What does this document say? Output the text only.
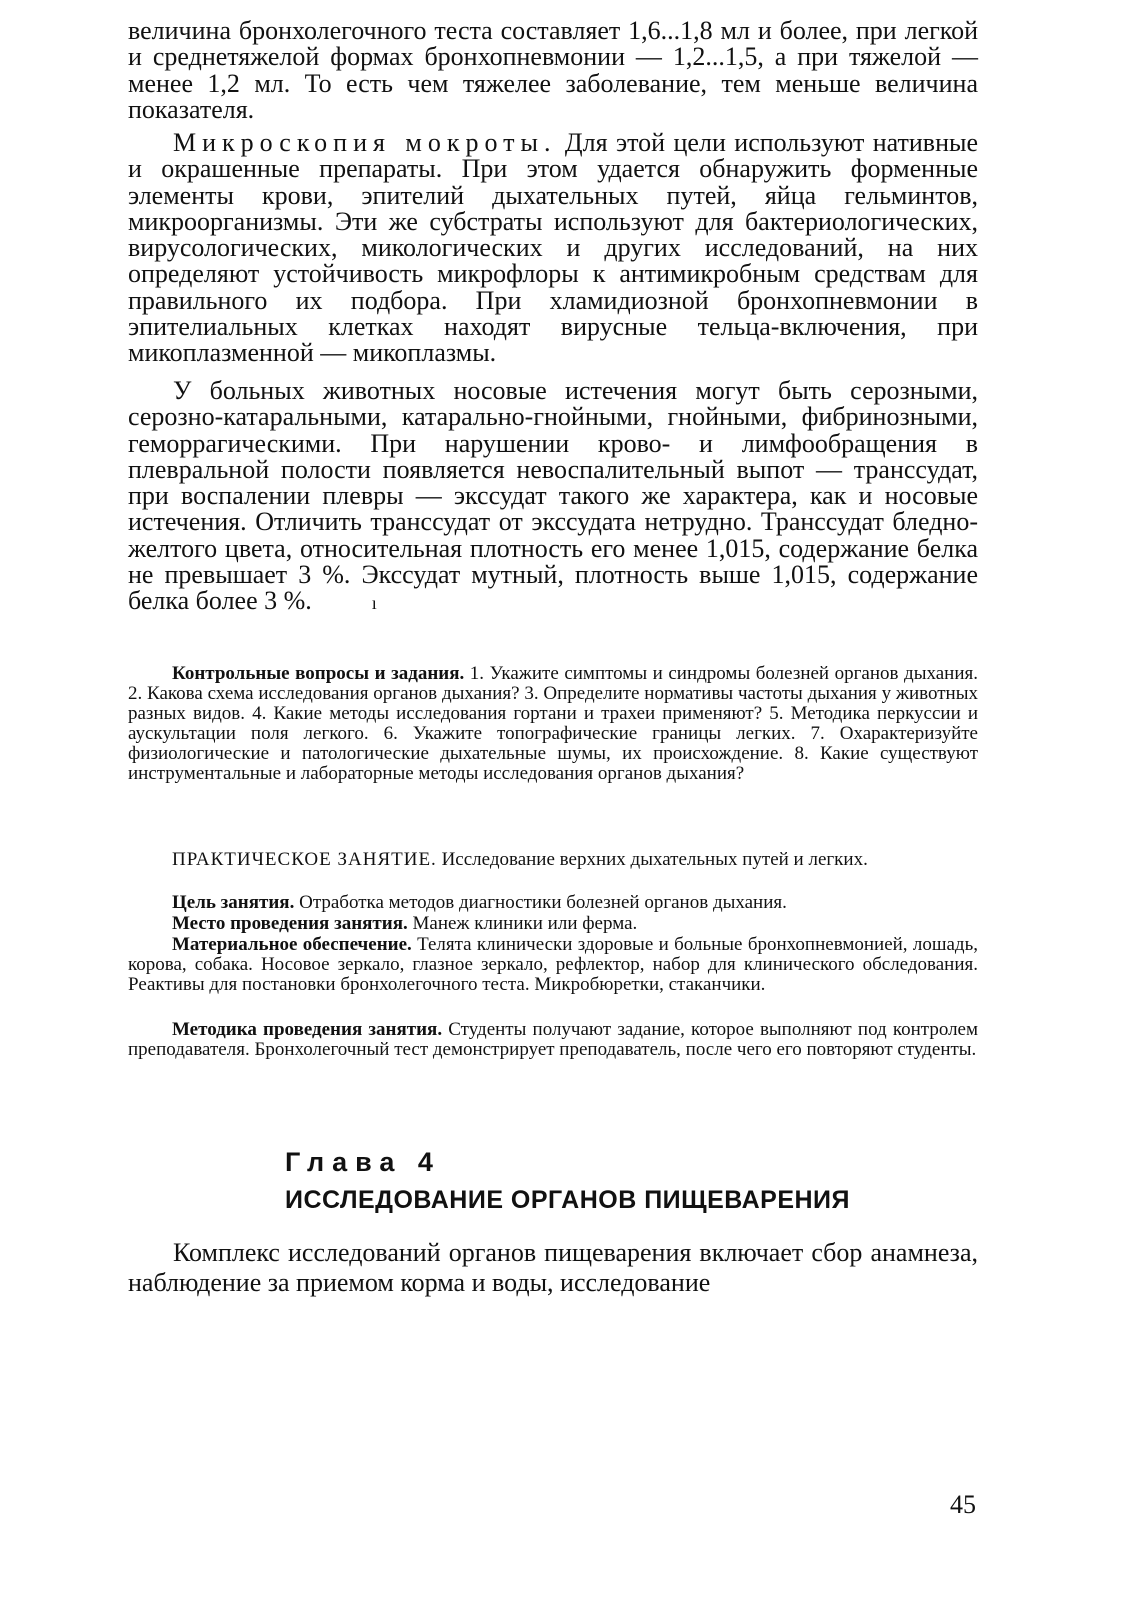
величина бронхолегочного теста составляет 1,6...1,8 мл и более, при легкой и среднетяжелой формах бронхопневмонии — 1,2...1,5, а при тяжелой — менее 1,2 мл. То есть чем тяжелее заболевание, тем меньше величина показателя.

Микроскопия мокроты. Для этой цели используют нативные и окрашенные препараты. При этом удается обнаружить форменные элементы крови, эпителий дыхательных путей, яйца гельминтов, микроорганизмы. Эти же субстраты используют для бактериологических, вирусологических, микологических и других исследований, на них определяют устойчивость микрофлоры к антимикробным средствам для правильного их подбора. При хламидиозной бронхопневмонии в эпителиальных клетках находят вирусные тельца-включения, при микоплазменной — микоплазмы.

У больных животных носовые истечения могут быть серозными, серозно-катаральными, катарально-гнойными, гнойными, фибринозными, геморрагическими. При нарушении крово- и лимфообращения в плевральной полости появляется невоспалительный выпот — транссудат, при воспалении плевры — экссудат такого же характера, как и носовые истечения. Отличить транссудат от экссудата нетрудно. Транссудат бледно-желтого цвета, относительная плотность его менее 1,015, содержание белка не превышает 3 %. Экссудат мутный, плотность выше 1,015, содержание белка более 3 %.	ı

Контрольные вопросы и задания. 1. Укажите симптомы и синдромы болезней органов дыхания. 2. Какова схема исследования органов дыхания? 3. Определите нормативы частоты дыхания у животных разных видов. 4. Какие методы исследования гортани и трахеи применяют? 5. Методика перкуссии и аускультации поля легкого. 6. Укажите топографические границы легких. 7. Охарактеризуйте физиологические и патологические дыхательные шумы, их происхождение. 8. Какие существуют инструментальные и лабораторные методы исследования органов дыхания?

ПРАКТИЧЕСКОЕ ЗАНЯТИЕ. Исследование верхних дыхательных путей и легких.

Цель занятия. Отработка методов диагностики болезней органов дыхания.

Место проведения занятия. Манеж клиники или ферма.

Материальное обеспечение. Телята клинически здоровые и больные бронхопневмонией, лошадь, корова, собака. Носовое зеркало, глазное зеркало, рефлектор, набор для клинического обследования. Реактивы для постановки бронхолегочного теста. Микробюретки, стаканчики.

Методика проведения занятия. Студенты получают задание, которое выполняют под контролем преподавателя. Бронхолегочный тест демонстрирует преподаватель, после чего его повторяют студенты.

Глава 4
ИССЛЕДОВАНИЕ ОРГАНОВ ПИЩЕВАРЕНИЯ

Комплекс исследований органов пищеварения включает сбор анамнеза, наблюдение за приемом корма и воды, исследование

45
